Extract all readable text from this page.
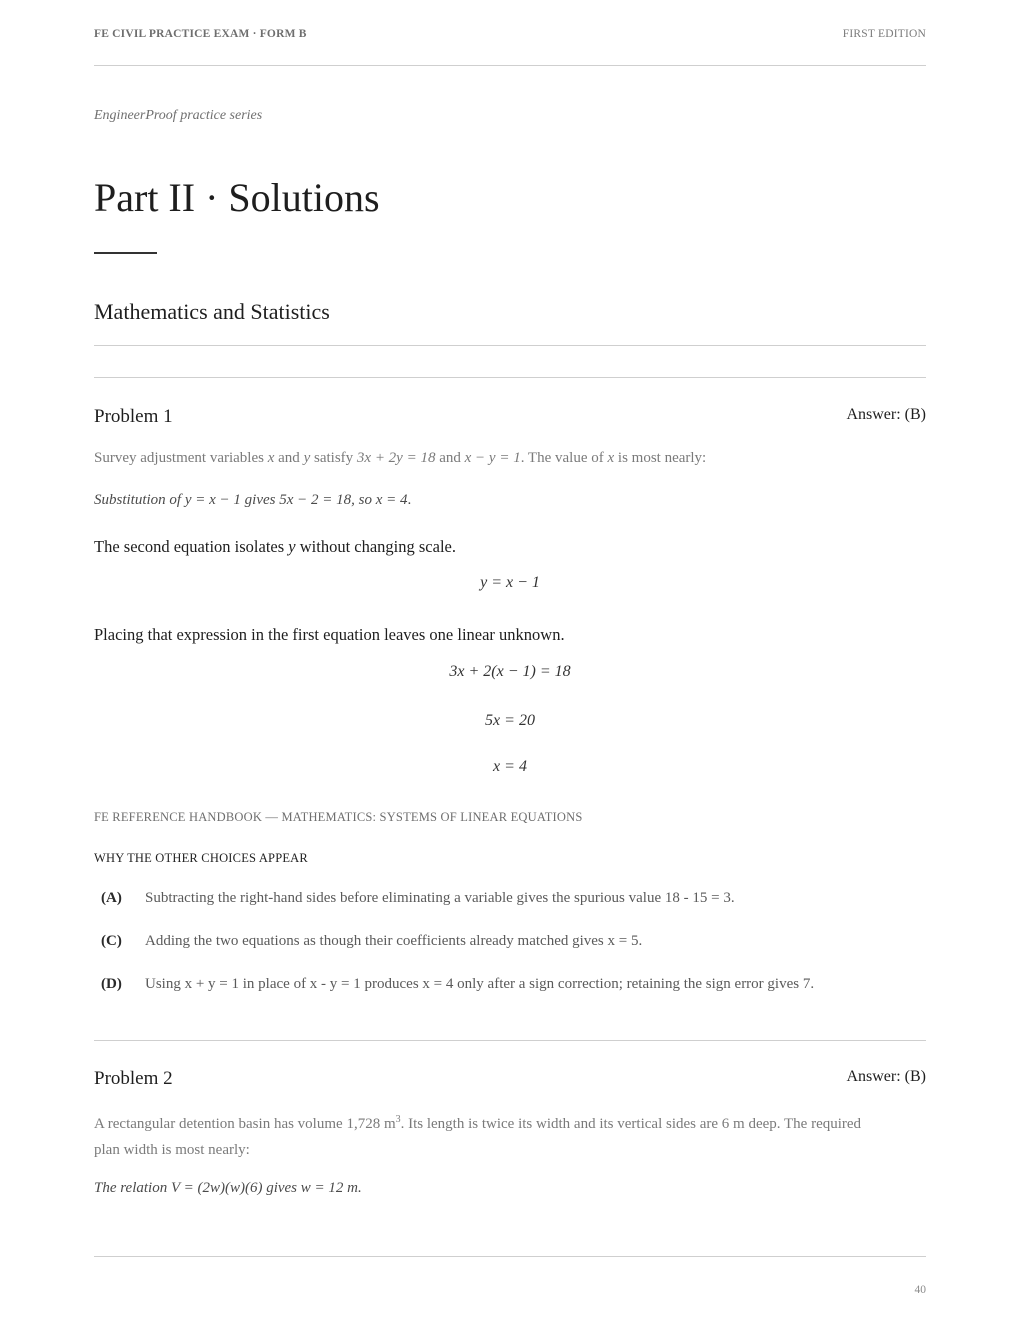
FE CIVIL PRACTICE EXAM · FORM B	FIRST EDITION
EngineerProof practice series
Part II · Solutions
Mathematics and Statistics
Problem 1	Answer: (B)
Survey adjustment variables x and y satisfy 3x + 2y = 18 and x − y = 1. The value of x is most nearly:
Substitution of y = x − 1 gives 5x − 2 = 18, so x = 4.
The second equation isolates y without changing scale.
y = x − 1
Placing that expression in the first equation leaves one linear unknown.
3x + 2(x − 1) = 18
5x = 20
x = 4
FE REFERENCE HANDBOOK — MATHEMATICS: SYSTEMS OF LINEAR EQUATIONS
WHY THE OTHER CHOICES APPEAR
(A) Subtracting the right-hand sides before eliminating a variable gives the spurious value 18 - 15 = 3.
(C) Adding the two equations as though their coefficients already matched gives x = 5.
(D) Using x + y = 1 in place of x - y = 1 produces x = 4 only after a sign correction; retaining the sign error gives 7.
Problem 2	Answer: (B)
A rectangular detention basin has volume 1,728 $m^3$. Its length is twice its width and its vertical sides are 6 m deep. The required
plan width is most nearly:
The relation V = (2w)(w)(6) gives w = 12 m.
40
